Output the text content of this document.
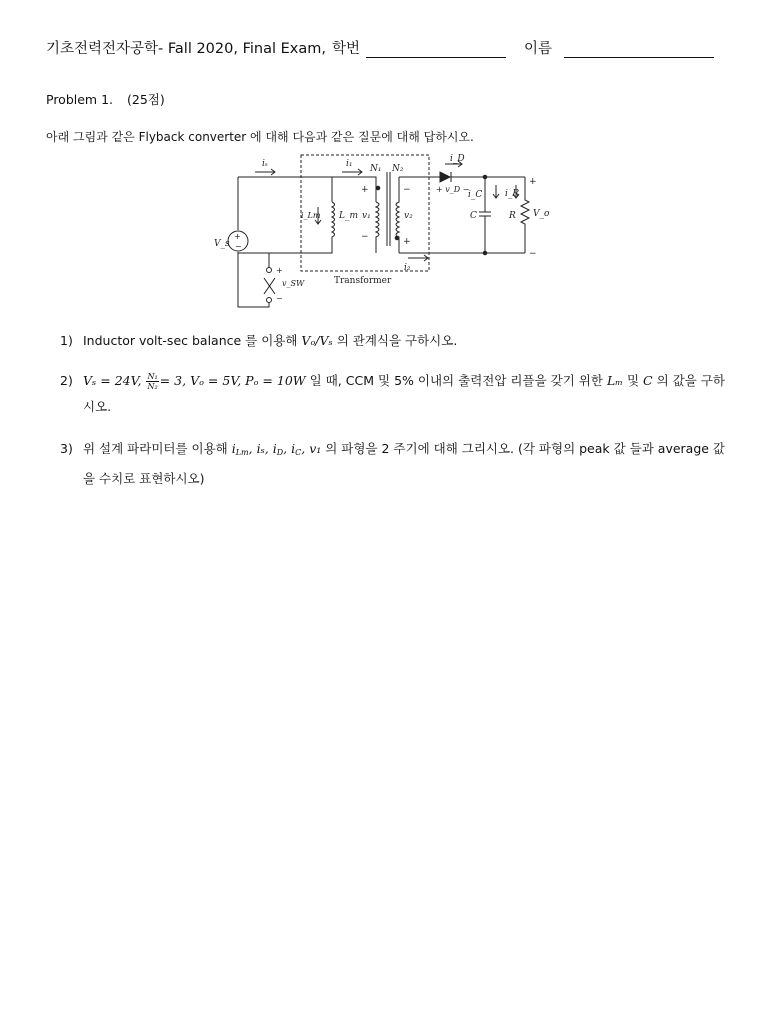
기초전력전자공학- Fall 2020, Final Exam, 학번	이름
Problem 1. (25점)
아래 그림과 같은 Flyback converter 에 대해 다음과 같은 질문에 대해 답하시오.
iₛ	i₁ N₁ N₂
i_D
+ v_D −
i_C	i_R
C	R V_o
i_Lm L_m v₁	v₂
V_s
i₂
v_SW	Transformer
+
−
−
+
+
−
+
−
+
−
1) Inductor volt-sec balance 를 이용해 Vₒ/Vₛ 의 관계식을 구하시오.
2) Vₛ = 24V, $\frac{\text{N₁}}{\text{N₂}} = 3$, Vₒ = 5V, Pₒ = 10W 일 때, CCM 및 5% 이내의 출력전압 리플을 갖기 위한 Lₘ 및 C 의 값을 구하시오.
3) 위 설계 파라미터를 이용해 $i_{Lm}$, iₛ, $i_D$, $i_C$, v₁ 의 파형을 2 주기에 대해 그리시오. (각 파형의 peak 값 들과 average 값을 수치로 표현하시오)
